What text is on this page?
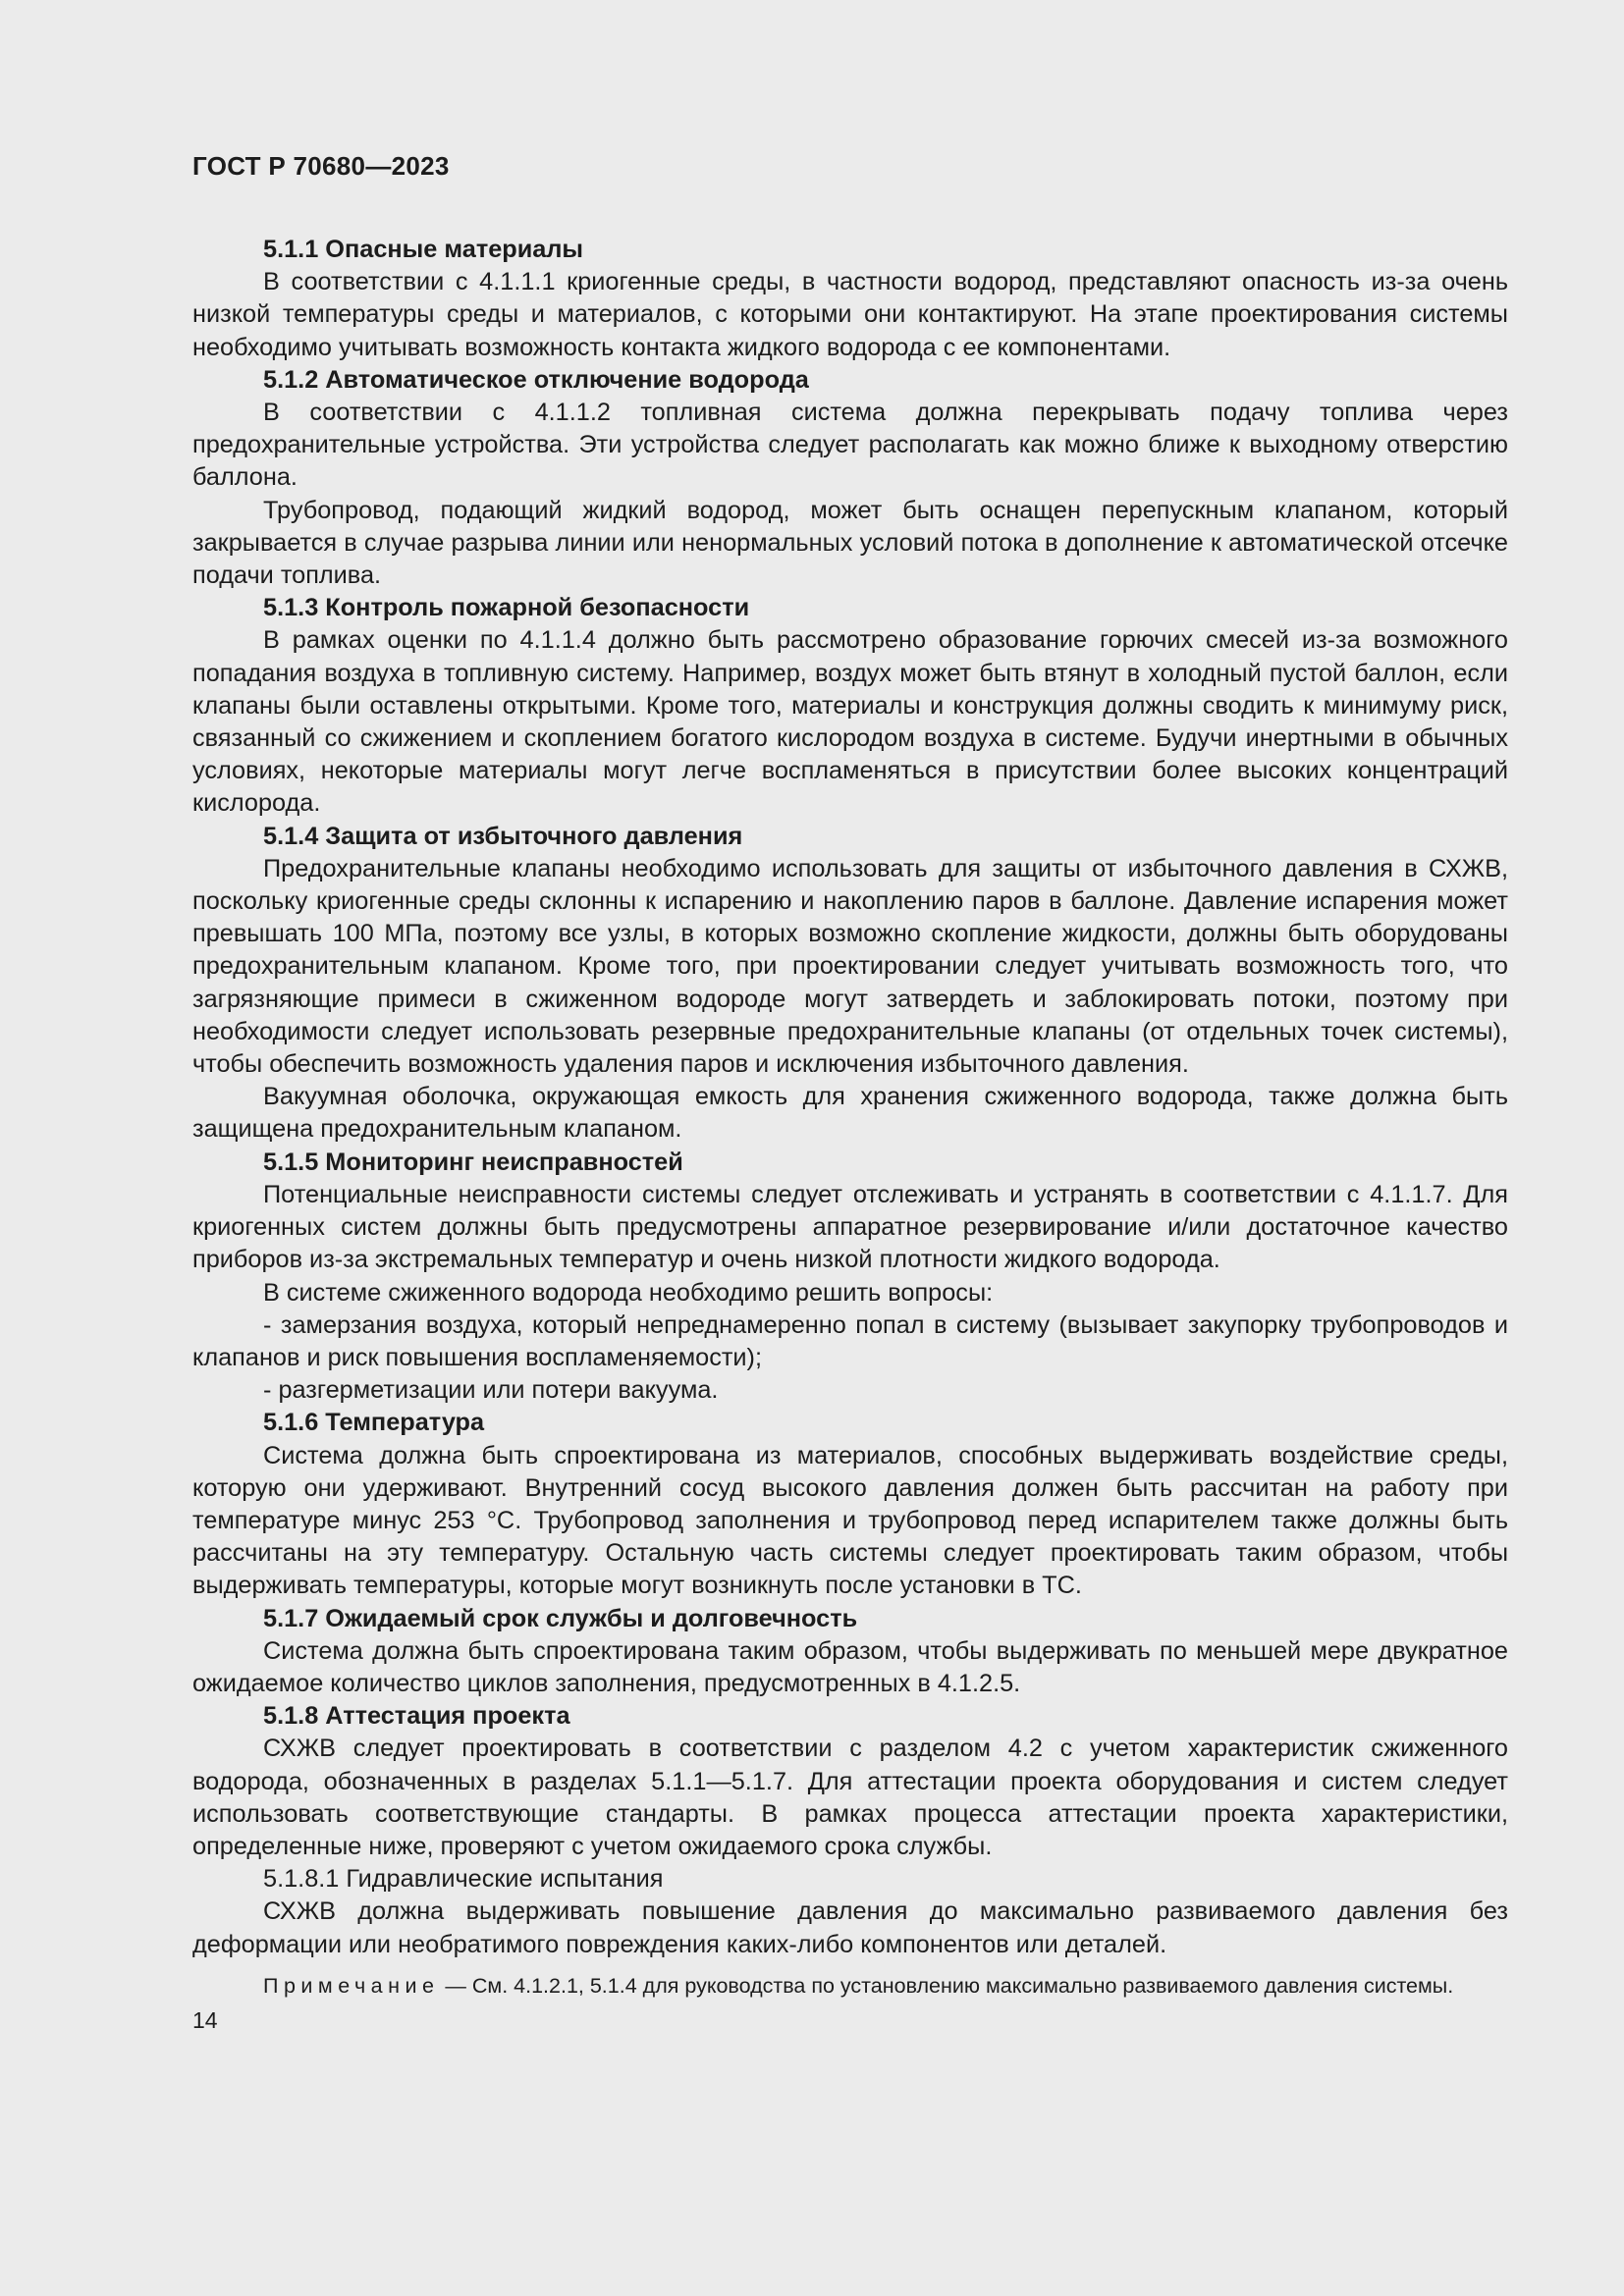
ГОСТ Р 70680—2023

5.1.1 Опасные материалы

В соответствии с 4.1.1.1 криогенные среды, в частности водород, представляют опасность из-за очень низкой температуры среды и материалов, с которыми они контактируют. На этапе проектирования системы необходимо учитывать возможность контакта жидкого водорода с ее компонентами.

5.1.2 Автоматическое отключение водорода

В соответствии с 4.1.1.2 топливная система должна перекрывать подачу топлива через предохранительные устройства. Эти устройства следует располагать как можно ближе к выходному отверстию баллона.

Трубопровод, подающий жидкий водород, может быть оснащен перепускным клапаном, который закрывается в случае разрыва линии или ненормальных условий потока в дополнение к автоматической отсечке подачи топлива.

5.1.3 Контроль пожарной безопасности

В рамках оценки по 4.1.1.4 должно быть рассмотрено образование горючих смесей из-за возможного попадания воздуха в топливную систему. Например, воздух может быть втянут в холодный пустой баллон, если клапаны были оставлены открытыми. Кроме того, материалы и конструкция должны сводить к минимуму риск, связанный со сжижением и скоплением богатого кислородом воздуха в системе. Будучи инертными в обычных условиях, некоторые материалы могут легче воспламеняться в присутствии более высоких концентраций кислорода.

5.1.4 Защита от избыточного давления

Предохранительные клапаны необходимо использовать для защиты от избыточного давления в СХЖВ, поскольку криогенные среды склонны к испарению и накоплению паров в баллоне. Давление испарения может превышать 100 МПа, поэтому все узлы, в которых возможно скопление жидкости, должны быть оборудованы предохранительным клапаном. Кроме того, при проектировании следует учитывать возможность того, что загрязняющие примеси в сжиженном водороде могут затвердеть и заблокировать потоки, поэтому при необходимости следует использовать резервные предохранительные клапаны (от отдельных точек системы), чтобы обеспечить возможность удаления паров и исключения избыточного давления.

Вакуумная оболочка, окружающая емкость для хранения сжиженного водорода, также должна быть защищена предохранительным клапаном.

5.1.5 Мониторинг неисправностей

Потенциальные неисправности системы следует отслеживать и устранять в соответствии с 4.1.1.7. Для криогенных систем должны быть предусмотрены аппаратное резервирование и/или достаточное качество приборов из-за экстремальных температур и очень низкой плотности жидкого водорода.

В системе сжиженного водорода необходимо решить вопросы:

- замерзания воздуха, который непреднамеренно попал в систему (вызывает закупорку трубопроводов и клапанов и риск повышения воспламеняемости);

- разгерметизации или потери вакуума.

5.1.6 Температура

Система должна быть спроектирована из материалов, способных выдерживать воздействие среды, которую они удерживают. Внутренний сосуд высокого давления должен быть рассчитан на работу при температуре минус 253 °С. Трубопровод заполнения и трубопровод перед испарителем также должны быть рассчитаны на эту температуру. Остальную часть системы следует проектировать таким образом, чтобы выдерживать температуры, которые могут возникнуть после установки в ТС.

5.1.7 Ожидаемый срок службы и долговечность

Система должна быть спроектирована таким образом, чтобы выдерживать по меньшей мере двукратное ожидаемое количество циклов заполнения, предусмотренных в 4.1.2.5.

5.1.8 Аттестация проекта

СХЖВ следует проектировать в соответствии с разделом 4.2 с учетом характеристик сжиженного водорода, обозначенных в разделах 5.1.1—5.1.7. Для аттестации проекта оборудования и систем следует использовать соответствующие стандарты. В рамках процесса аттестации проекта характеристики, определенные ниже, проверяют с учетом ожидаемого срока службы.

5.1.8.1 Гидравлические испытания

СХЖВ должна выдерживать повышение давления до максимально развиваемого давления без деформации или необратимого повреждения каких-либо компонентов или деталей.

Примечание — См. 4.1.2.1, 5.1.4 для руководства по установлению максимально развиваемого давления системы.

14
